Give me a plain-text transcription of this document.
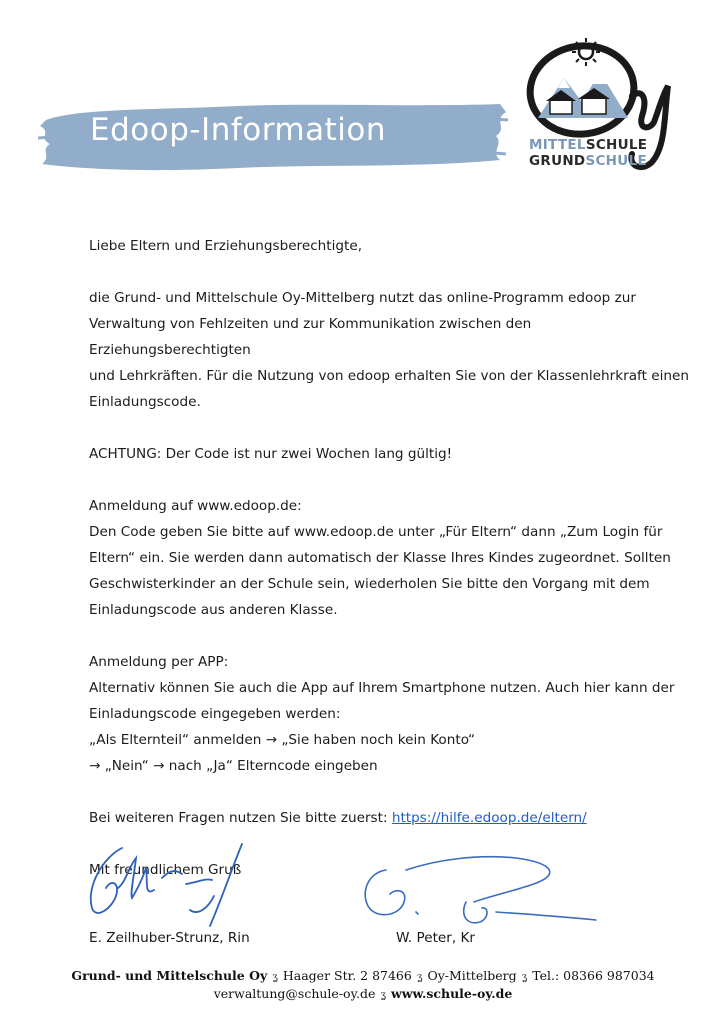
Edoop-Information	MITTELSCHULE
GRUNDSCHULE

Liebe Eltern und Erziehungsberechtigte,

die Grund- und Mittelschule Oy-Mittelberg nutzt das online-Programm edoop zur

Verwaltung von Fehlzeiten und zur Kommunikation zwischen den Erziehungsberechtigten

und Lehrkräften. Für die Nutzung von edoop erhalten Sie von der Klassenlehrkraft einen

Einladungscode.

ACHTUNG: Der Code ist nur zwei Wochen lang gültig!

Anmeldung auf www.edoop.de:

Den Code geben Sie bitte auf www.edoop.de unter „Für Eltern“ dann „Zum Login für

Eltern“ ein. Sie werden dann automatisch der Klasse Ihres Kindes zugeordnet. Sollten

Geschwisterkinder an der Schule sein, wiederholen Sie bitte den Vorgang mit dem

Einladungscode aus anderen Klasse.

Anmeldung per APP:

Alternativ können Sie auch die App auf Ihrem Smartphone nutzen. Auch hier kann der

Einladungscode eingegeben werden:

„Als Elternteil“ anmelden → „Sie haben noch kein Konto“

→ „Nein“ → nach „Ja“ Elterncode eingeben

Bei weiteren Fragen nutzen Sie bitte zuerst: https://hilfe.edoop.de/eltern/

Mit freundlichem Gruß

E. Zeilhuber-Strunz, Rin	W. Peter, Kr
Grund- und Mittelschule Oy ʓ Haager Str. 2 87466 ʓ Oy-Mittelberg ʓ Tel.: 08366 987034
verwaltung@schule-oy.de ʓ www.schule-oy.de
